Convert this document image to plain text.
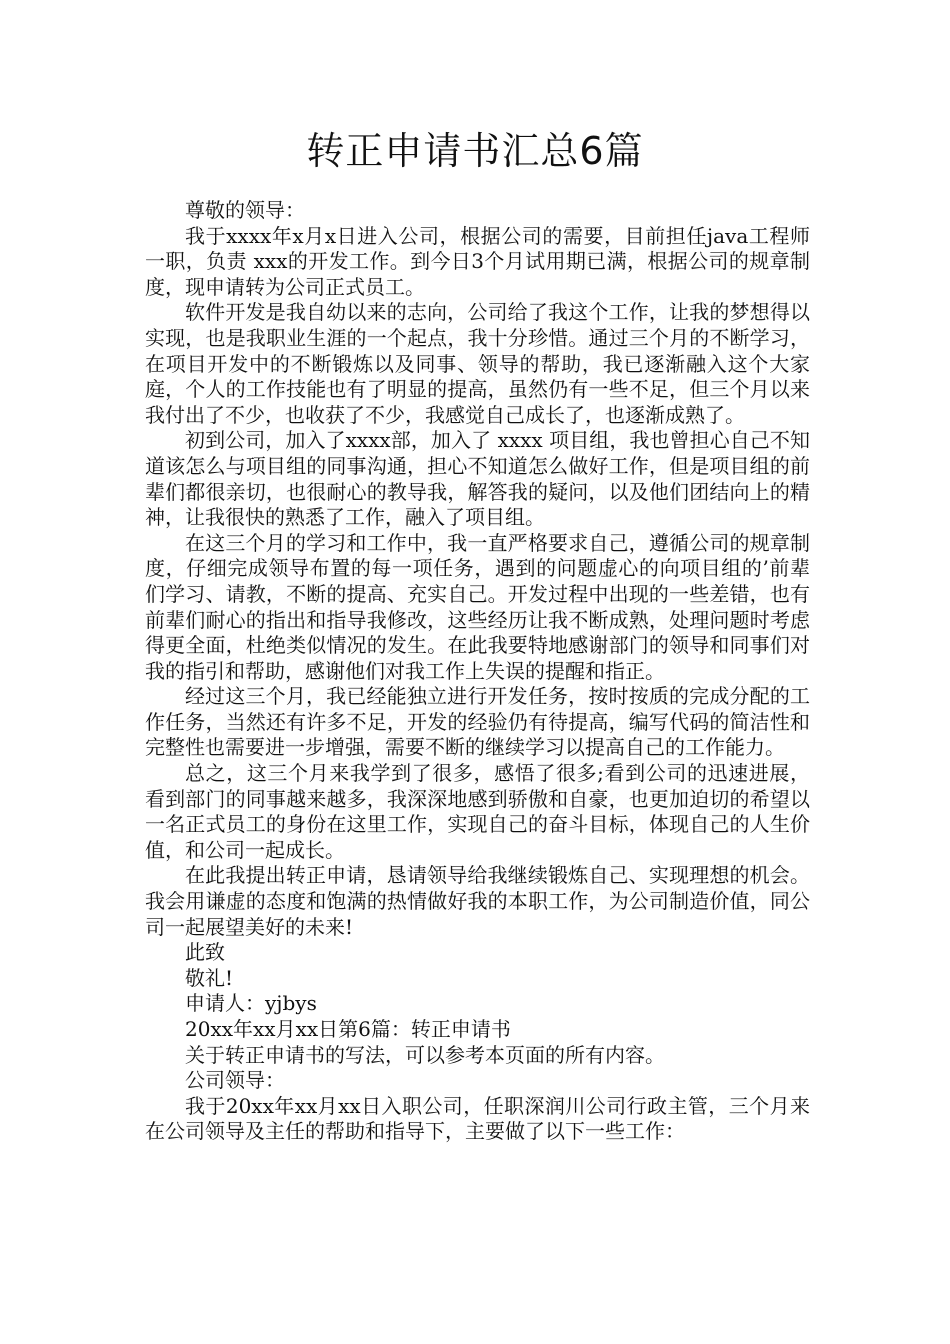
转正申请书汇总6篇

尊敬的领导：

我于xxxx年x月x日进入公司，根据公司的需要，目前担任java工程师 一职，负责 xxx的开发工作。到今日3个月试用期已满，根据公司的规章制度，现申请转为公司正式员工。

软件开发是我自幼以来的志向，公司给了我这个工作，让我的梦想得以实现，也是我职业生涯的一个起点，我十分珍惜。通过三个月的不断学习，在项目开发中的不断锻炼以及同事、领导的帮助，我已逐渐融入这个大家庭，个人的工作技能也有了明显的提高，虽然仍有一些不足，但三个月以来我付出了不少，也收获了不少，我感觉自己成长了，也逐渐成熟了。

初到公司，加入了xxxx部，加入了 xxxx 项目组，我也曾担心自己不知道该怎么与项目组的同事沟通，担心不知道怎么做好工作，但是项目组的前辈们都很亲切，也很耐心的教导我，解答我的疑问，以及他们团结向上的精神，让我很快的熟悉了工作，融入了项目组。

在这三个月的学习和工作中，我一直严格要求自己，遵循公司的规章制度，仔细完成领导布置的每一项任务，遇到的问题虚心的向项目组的’前辈们学习、请教，不断的提高、充实自己。开发过程中出现的一些差错，也有前辈们耐心的指出和指导我修改，这些经历让我不断成熟，处理问题时考虑得更全面，杜绝类似情况的发生。在此我要特地感谢部门的领导和同事们对我的指引和帮助，感谢他们对我工作上失误的提醒和指正。

经过这三个月，我已经能独立进行开发任务，按时按质的完成分配的工作任务，当然还有许多不足，开发的经验仍有待提高，编写代码的简洁性和完整性也需要进一步增强，需要不断的继续学习以提高自己的工作能力。

总之，这三个月来我学到了很多，感悟了很多;看到公司的迅速进展，看到部门的同事越来越多，我深深地感到骄傲和自豪，也更加迫切的希望以一名正式员工的身份在这里工作，实现自己的奋斗目标，体现自己的人生价值，和公司一起成长。

在此我提出转正申请，恳请领导给我继续锻炼自己、实现理想的机会。我会用谦虚的态度和饱满的热情做好我的本职工作，为公司制造价值，同公司一起展望美好的未来!

此致

敬礼!

申请人：yjbys

20xx年xx月xx日第6篇：转正申请书

关于转正申请书的写法，可以参考本页面的所有内容。

公司领导：

我于20xx年xx月xx日入职公司，任职深润川公司行政主管，三个月来在公司领导及主任的帮助和指导下，主要做了以下一些工作：
